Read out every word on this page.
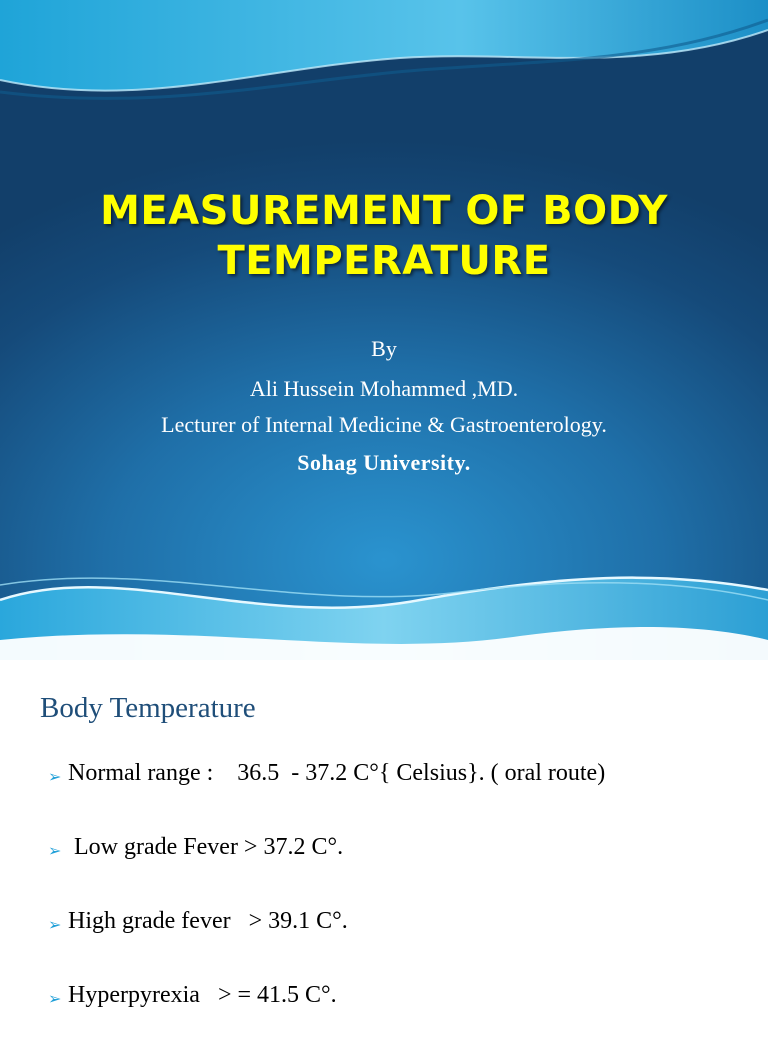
MEASUREMENT OF BODY
TEMPERATURE
By
Ali Hussein Mohammed ,MD.
Lecturer of Internal Medicine & Gastroenterology.
Sohag University.
Body Temperature
➢ Normal range :    36.5  - 37.2 C°{ Celsius}. ( oral route)
➢ Low grade Fever > 37.2 C°.
➢ High grade fever   > 39.1 C°.
➢ Hyperpyrexia   > = 41.5 C°.
